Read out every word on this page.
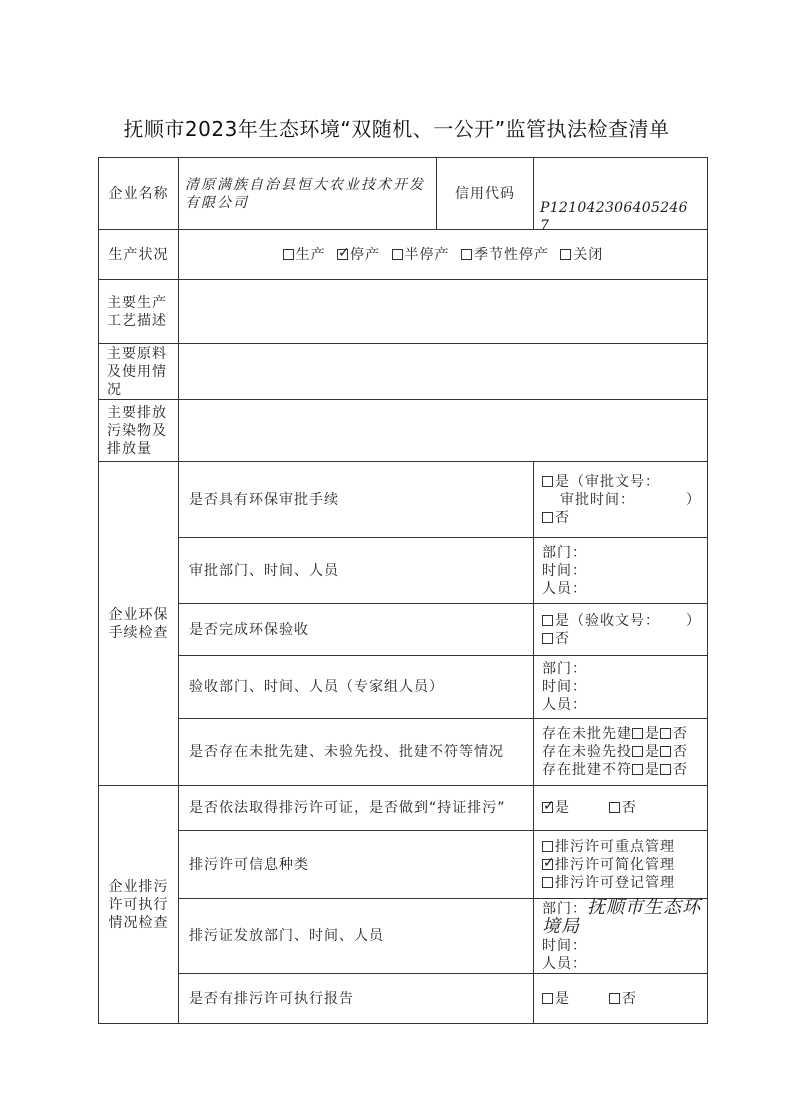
抚顺市2023年生态环境“双随机、一公开”监管执法检查清单
企业名称	清原满族自治县恒大农业技术开发有限公司	信用代码	P121042306405246 7
生产状况	生产 ✓ 停产 半停产 季节性停产 关闭
主要生产工艺描述			
主要原料及使用情况			
主要排放污染物及排放量			
企业环保手续检查	是否具有环保审批手续		是（审批文号：
审批时间： ）
否

	审批部门、时间、人员		部门：
时间：
人员：

	是否完成环保验收		是（验收文号： ）
否

	验收部门、时间、人员（专家组人员）		部门：
时间：
人员：

	是否存在未批先建、未验先投、批建不符等情况		存在未批先建 是 否
存在未验先投 是 否
存在批建不符 是 否

企业排污许可执行情况检查	是否依法取得排污许可证，是否做到“持证排污”	✓是 否
	排污许可信息种类		排污许可重点管理
✓排污许可简化管理
排污许可登记管理

	排污证发放部门、时间、人员		部门：抚顺市生态环境局
时间：
人员：

	是否有排污许可执行报告		是 否
